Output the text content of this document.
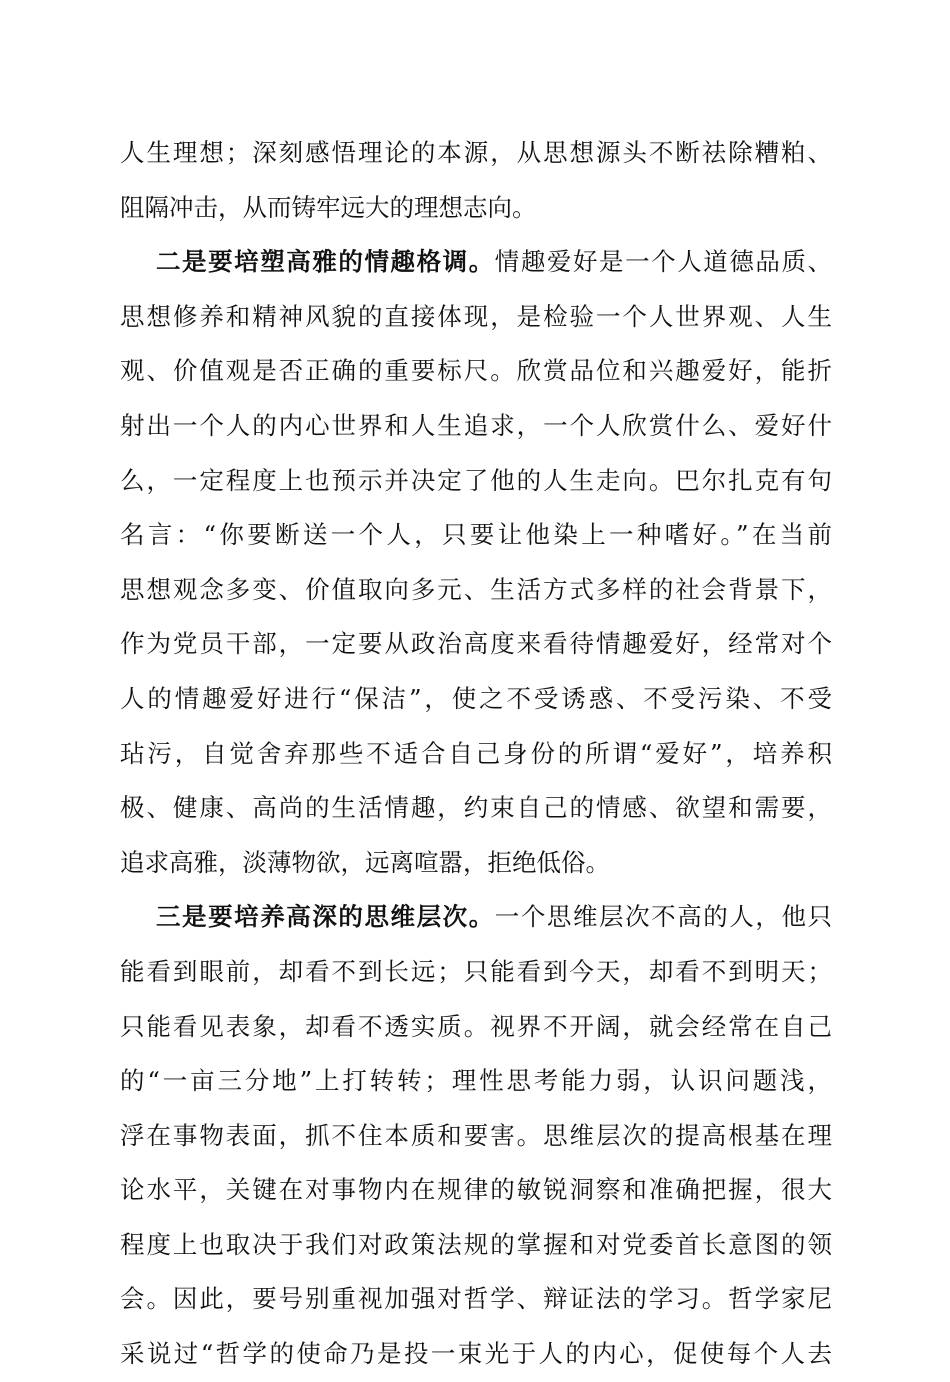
人生理想；深刻感悟理论的本源，从思想源头不断祛除糟粕、
阻隔冲击，从而铸牢远大的理想志向。
二是要培塑高雅的情趣格调。情趣爱好是一个人道德品质、
思想修养和精神风貌的直接体现，是检验一个人世界观、人生
观、价值观是否正确的重要标尺。欣赏品位和兴趣爱好，能折
射出一个人的内心世界和人生追求，一个人欣赏什么、爱好什
么，一定程度上也预示并决定了他的人生走向。巴尔扎克有句
名言：“你要断送一个人，只要让他染上一种嗜好。”在当前
思想观念多变、价值取向多元、生活方式多样的社会背景下，
作为党员干部，一定要从政治高度来看待情趣爱好，经常对个
人的情趣爱好进行“保洁”，使之不受诱惑、不受污染、不受
玷污，自觉舍弃那些不适合自己身份的所谓“爱好”，培养积
极、健康、高尚的生活情趣，约束自己的情感、欲望和需要，
追求高雅，淡薄物欲，远离喧嚣，拒绝低俗。
三是要培养高深的思维层次。一个思维层次不高的人，他只
能看到眼前，却看不到长远；只能看到今天，却看不到明天；
只能看见表象，却看不透实质。视界不开阔，就会经常在自己
的“一亩三分地”上打转转；理性思考能力弱，认识问题浅，
浮在事物表面，抓不住本质和要害。思维层次的提高根基在理
论水平，关键在对事物内在规律的敏锐洞察和准确把握，很大
程度上也取决于我们对政策法规的掌握和对党委首长意图的领
会。因此，要号别重视加强对哲学、辩证法的学习。哲学家尼
采说过“哲学的使命乃是投一束光于人的内心，促使每个人去
